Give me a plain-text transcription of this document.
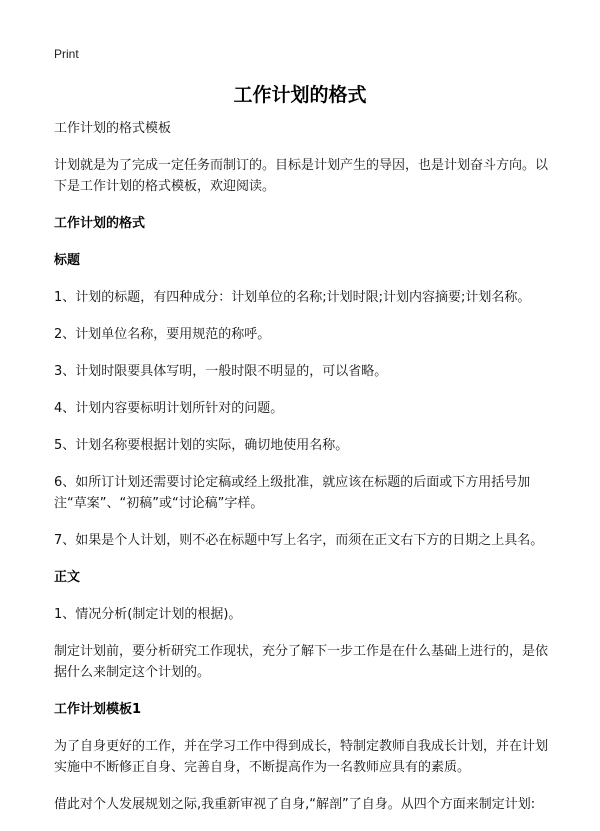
Print
工作计划的格式

工作计划的格式模板

计划就是为了完成一定任务而制订的。目标是计划产生的导因，也是计划奋斗方向。以下是工作计划的格式模板，欢迎阅读。

工作计划的格式

标题

1、计划的标题，有四种成分：计划单位的名称;计划时限;计划内容摘要;计划名称。

2、计划单位名称，要用规范的称呼。

3、计划时限要具体写明，一般时限不明显的，可以省略。

4、计划内容要标明计划所针对的问题。

5、计划名称要根据计划的实际，确切地使用名称。

6、如所订计划还需要讨论定稿或经上级批准，就应该在标题的后面或下方用括号加注“草案”、“初稿”或“讨论稿”字样。

7、如果是个人计划，则不必在标题中写上名字，而须在正文右下方的日期之上具名。

正文

1、情况分析(制定计划的根据)。

制定计划前，要分析研究工作现状，充分了解下一步工作是在什么基础上进行的，是依据什么来制定这个计划的。

工作计划模板1

为了自身更好的工作，并在学习工作中得到成长，特制定教师自我成长计划，并在计划实施中不断修正自身、完善自身，不断提高作为一名教师应具有的素质。

借此对个人发展规划之际,我重新审视了自身,“解剖”了自身。从四个方面来制定计划:
